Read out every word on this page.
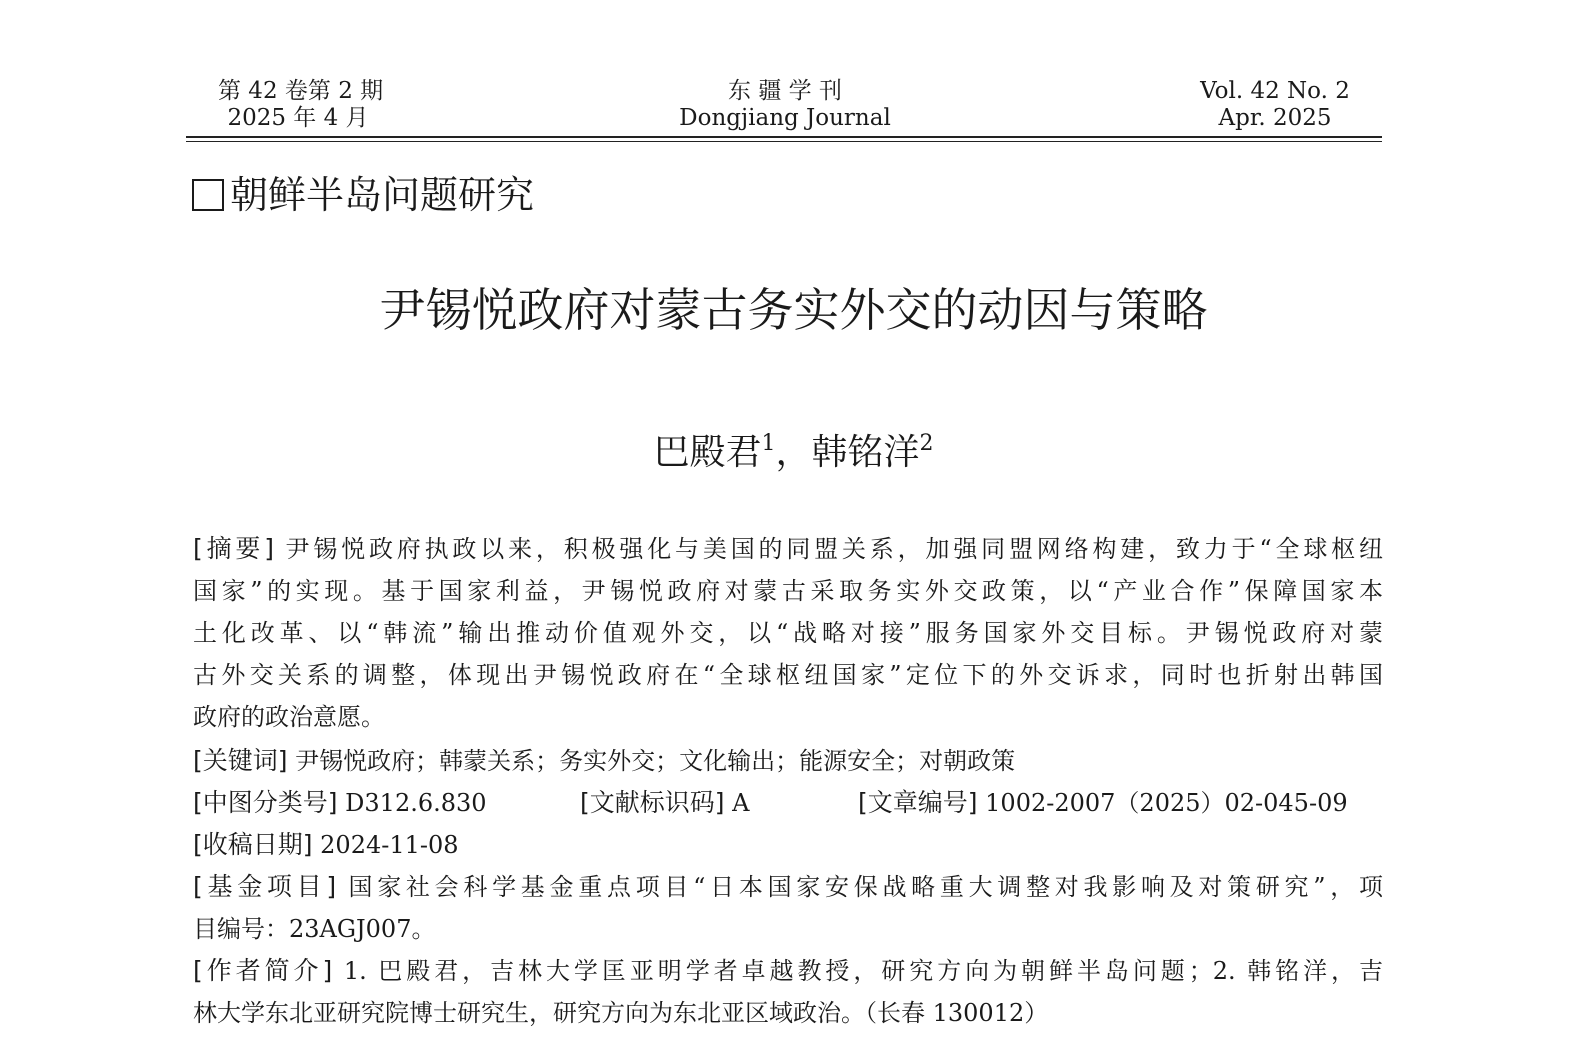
第 42 卷第 2 期
2025 年 4 月
东 疆 学 刊
Dongjiang Journal
Vol. 42 No. 2
Apr. 2025
朝鲜半岛问题研究
尹锡悦政府对蒙古务实外交的动因与策略
巴殿君$^1$，韩铭洋$^2$
[摘要] 尹锡悦政府执政以来，积极强化与美国的同盟关系，加强同盟网络构建，致力于“全球枢纽
国家”的实现。基于国家利益，尹锡悦政府对蒙古采取务实外交政策，以“产业合作”保障国家本
土化改革、以“韩流”输出推动价值观外交，以“战略对接”服务国家外交目标。尹锡悦政府对蒙
古外交关系的调整，体现出尹锡悦政府在“全球枢纽国家”定位下的外交诉求，同时也折射出韩国
政府的政治意愿。
[关键词] 尹锡悦政府；韩蒙关系；务实外交；文化输出；能源安全；对朝政策
[中图分类号] D312.6.830	[文献标识码] A	[文章编号] 1002-2007（2025）02-045-09
[收稿日期] 2024-11-08
[基金项目] 国家社会科学基金重点项目“日本国家安保战略重大调整对我影响及对策研究”，项
目编号：23AGJ007。
[作者简介] 1. 巴殿君，吉林大学匡亚明学者卓越教授，研究方向为朝鲜半岛问题；2. 韩铭洋，吉
林大学东北亚研究院博士研究生，研究方向为东北亚区域政治。（长春 130012）
